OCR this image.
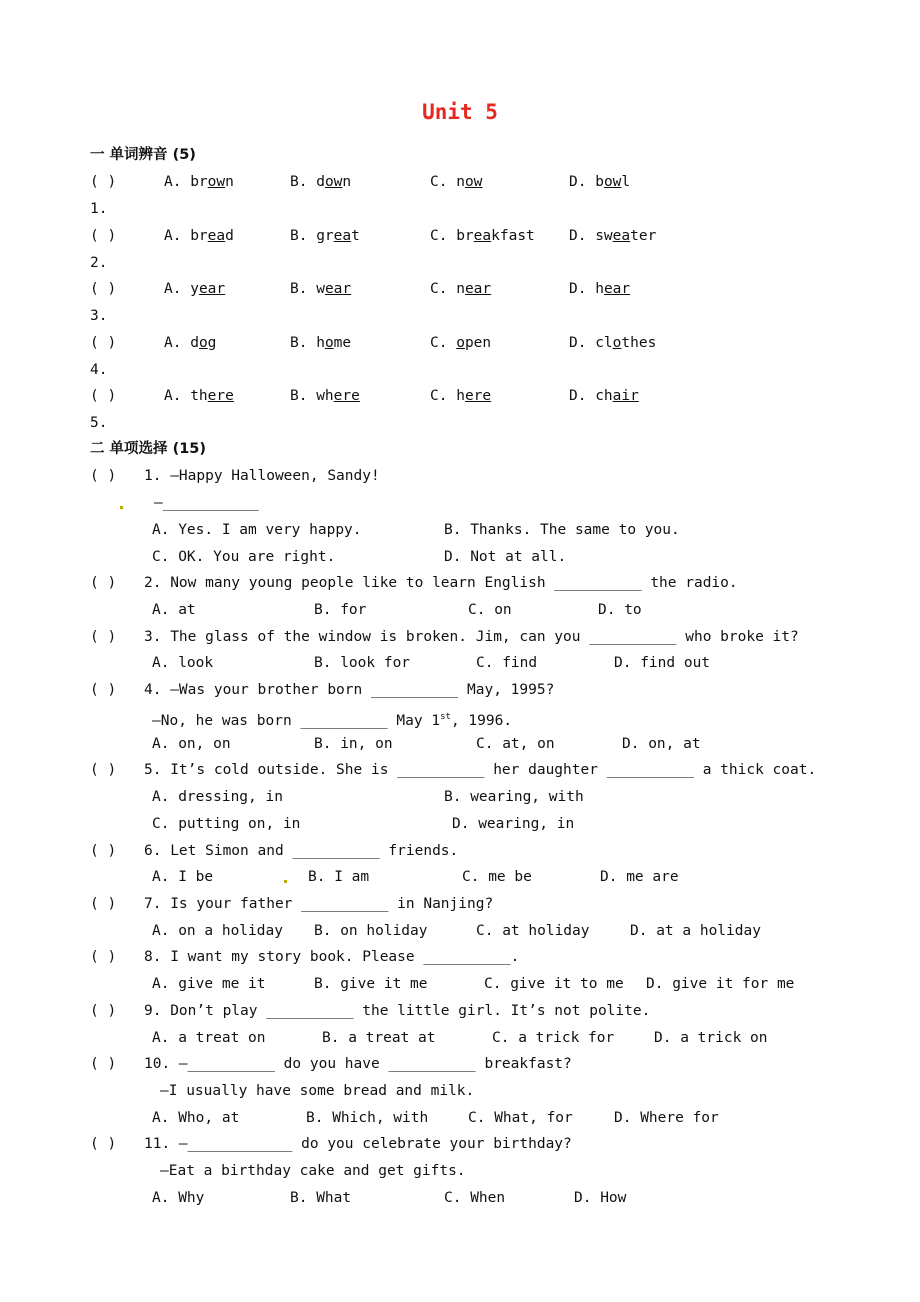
Unit 5
一 单词辨音 (5)
( )	A. brown	B. down	C. now	D. bowl
1.
( )	A. bread	B. great	C. breakfast D. sweater
2.
( )	A. year	B. wear	C. near	D. hear
3.
( )	A. dog	B. home	C. open	D. clothes
4.
( )	A. there	B. where	C. here	D. chair
5.
二 单项选择 (15)
( ) 1. —Happy Halloween, Sandy!
—___________
A. Yes. I am very happy.	B. Thanks. The same to you.
C. OK. You are right.	D. Not at all.
( ) 2. Now many young people like to learn English __________ the radio.
A. at	B. for	C. on	D. to
( ) 3. The glass of the window is broken. Jim, can you __________ who broke it?
A. look	B. look for	C. find	D. find out
( ) 4. —Was your brother born __________ May, 1995?
—No, he was born __________ May 1st, 1996.
A. on, on	B. in, on	C. at, on	D. on, at
( ) 5. It’s cold outside. She is __________ her daughter __________ a thick coat.
A. dressing, in	B. wearing, with
C. putting on, in	D. wearing, in
( ) 6. Let Simon and __________ friends.
A. I be	B. I am	C. me be	D. me are
( ) 7. Is your father __________ in Nanjing?
A. on a holiday B. on holiday	C. at holiday	D. at a holiday
( ) 8. I want my story book. Please __________.
A. give me it	B. give it me	C. give it to me D. give it for me
( ) 9. Don’t play __________ the little girl. It’s not polite.
A. a treat on	B. a treat at	C. a trick for	D. a trick on
( ) 10. —__________ do you have __________ breakfast?
—I usually have some bread and milk.
A. Who, at	B. Which, with	C. What, for	D. Where for
( ) 11. —____________ do you celebrate your birthday?
—Eat a birthday cake and get gifts.
A. Why	B. What	C. When	D. How
